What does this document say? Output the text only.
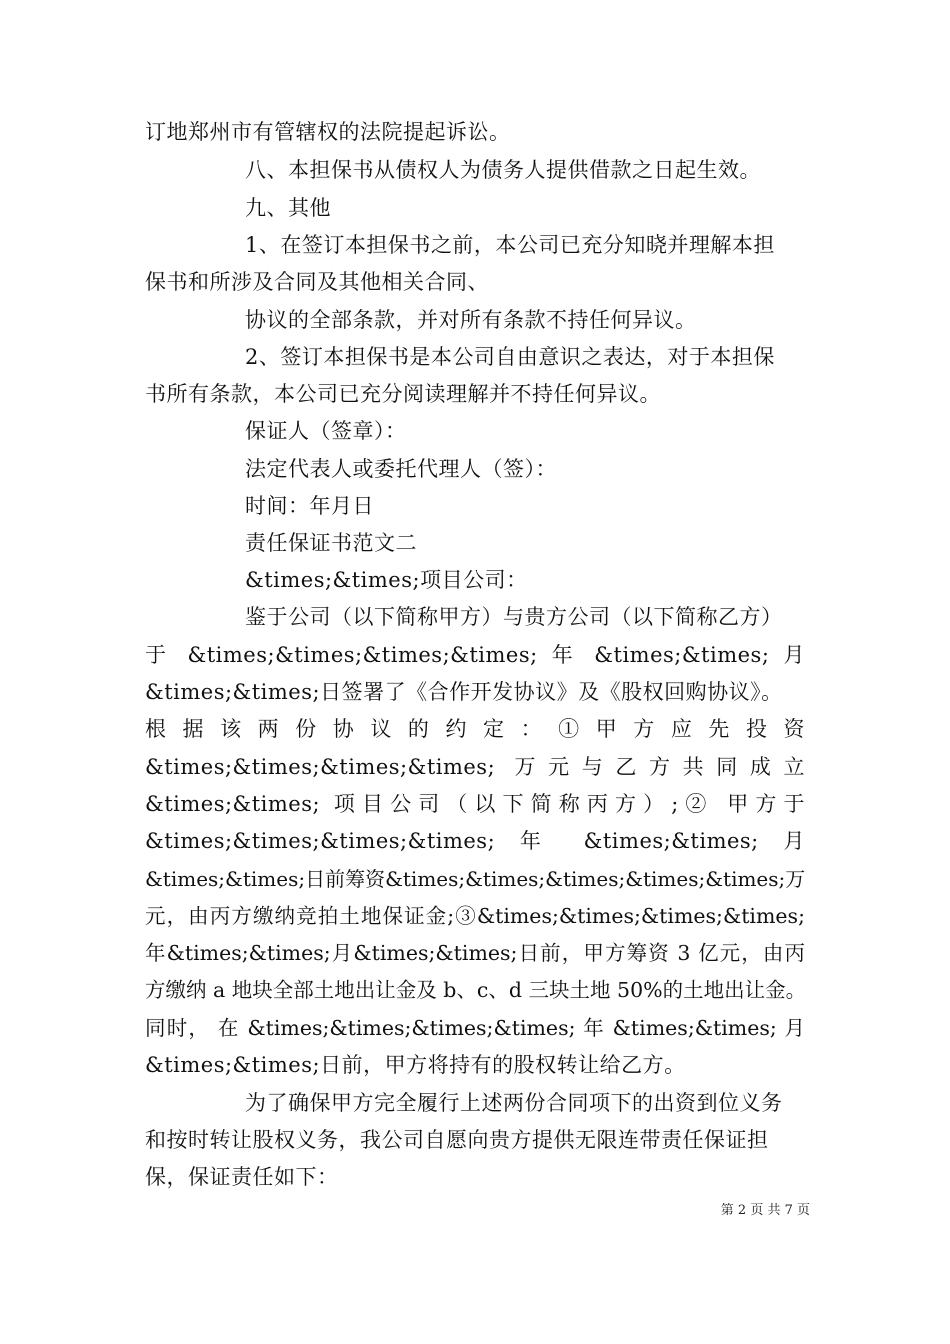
订地郑州市有管辖权的法院提起诉讼。
八、本担保书从债权人为债务人提供借款之日起生效。
九、其他
1、在签订本担保书之前，本公司已充分知晓并理解本担
保书和所涉及合同及其他相关合同、
协议的全部条款，并对所有条款不持任何异议。
2、签订本担保书是本公司自由意识之表达，对于本担保
书所有条款，本公司已充分阅读理解并不持任何异议。
保证人（签章）：
法定代表人或委托代理人（签）：
时间：年月日
责任保证书范文二
&times;&times;项目公司：
鉴于公司（以下简称甲方）与贵方公司（以下简称乙方）
于 &times;&times;&times;&times; 年 &times;&times; 月
&times;&times;日签署了《合作开发协议》及《股权回购协议》。
根据该两份协议的约定：①甲方应先投资
&times;&times;&times;&times; 万元与乙方共同成立
&times;&times; 项目公司（以下简称丙方）;② 甲方于
&times;&times;&times;&times; 年 &times;&times; 月
&times;&times;日前筹资&times;&times;&times;&times;&times;万
元，由丙方缴纳竞拍土地保证金;③&times;&times;&times;&times;
年&times;&times;月&times;&times;日前，甲方筹资 3 亿元，由丙
方缴纳 a 地块全部土地出让金及 b、c、d 三块土地 50%的土地出让金。
同时， 在 &times;&times;&times;&times; 年 &times;&times; 月
&times;&times;日前，甲方将持有的股权转让给乙方。
为了确保甲方完全履行上述两份合同项下的出资到位义务
和按时转让股权义务，我公司自愿向贵方提供无限连带责任保证担
保，保证责任如下：
第 2 页 共 7 页
